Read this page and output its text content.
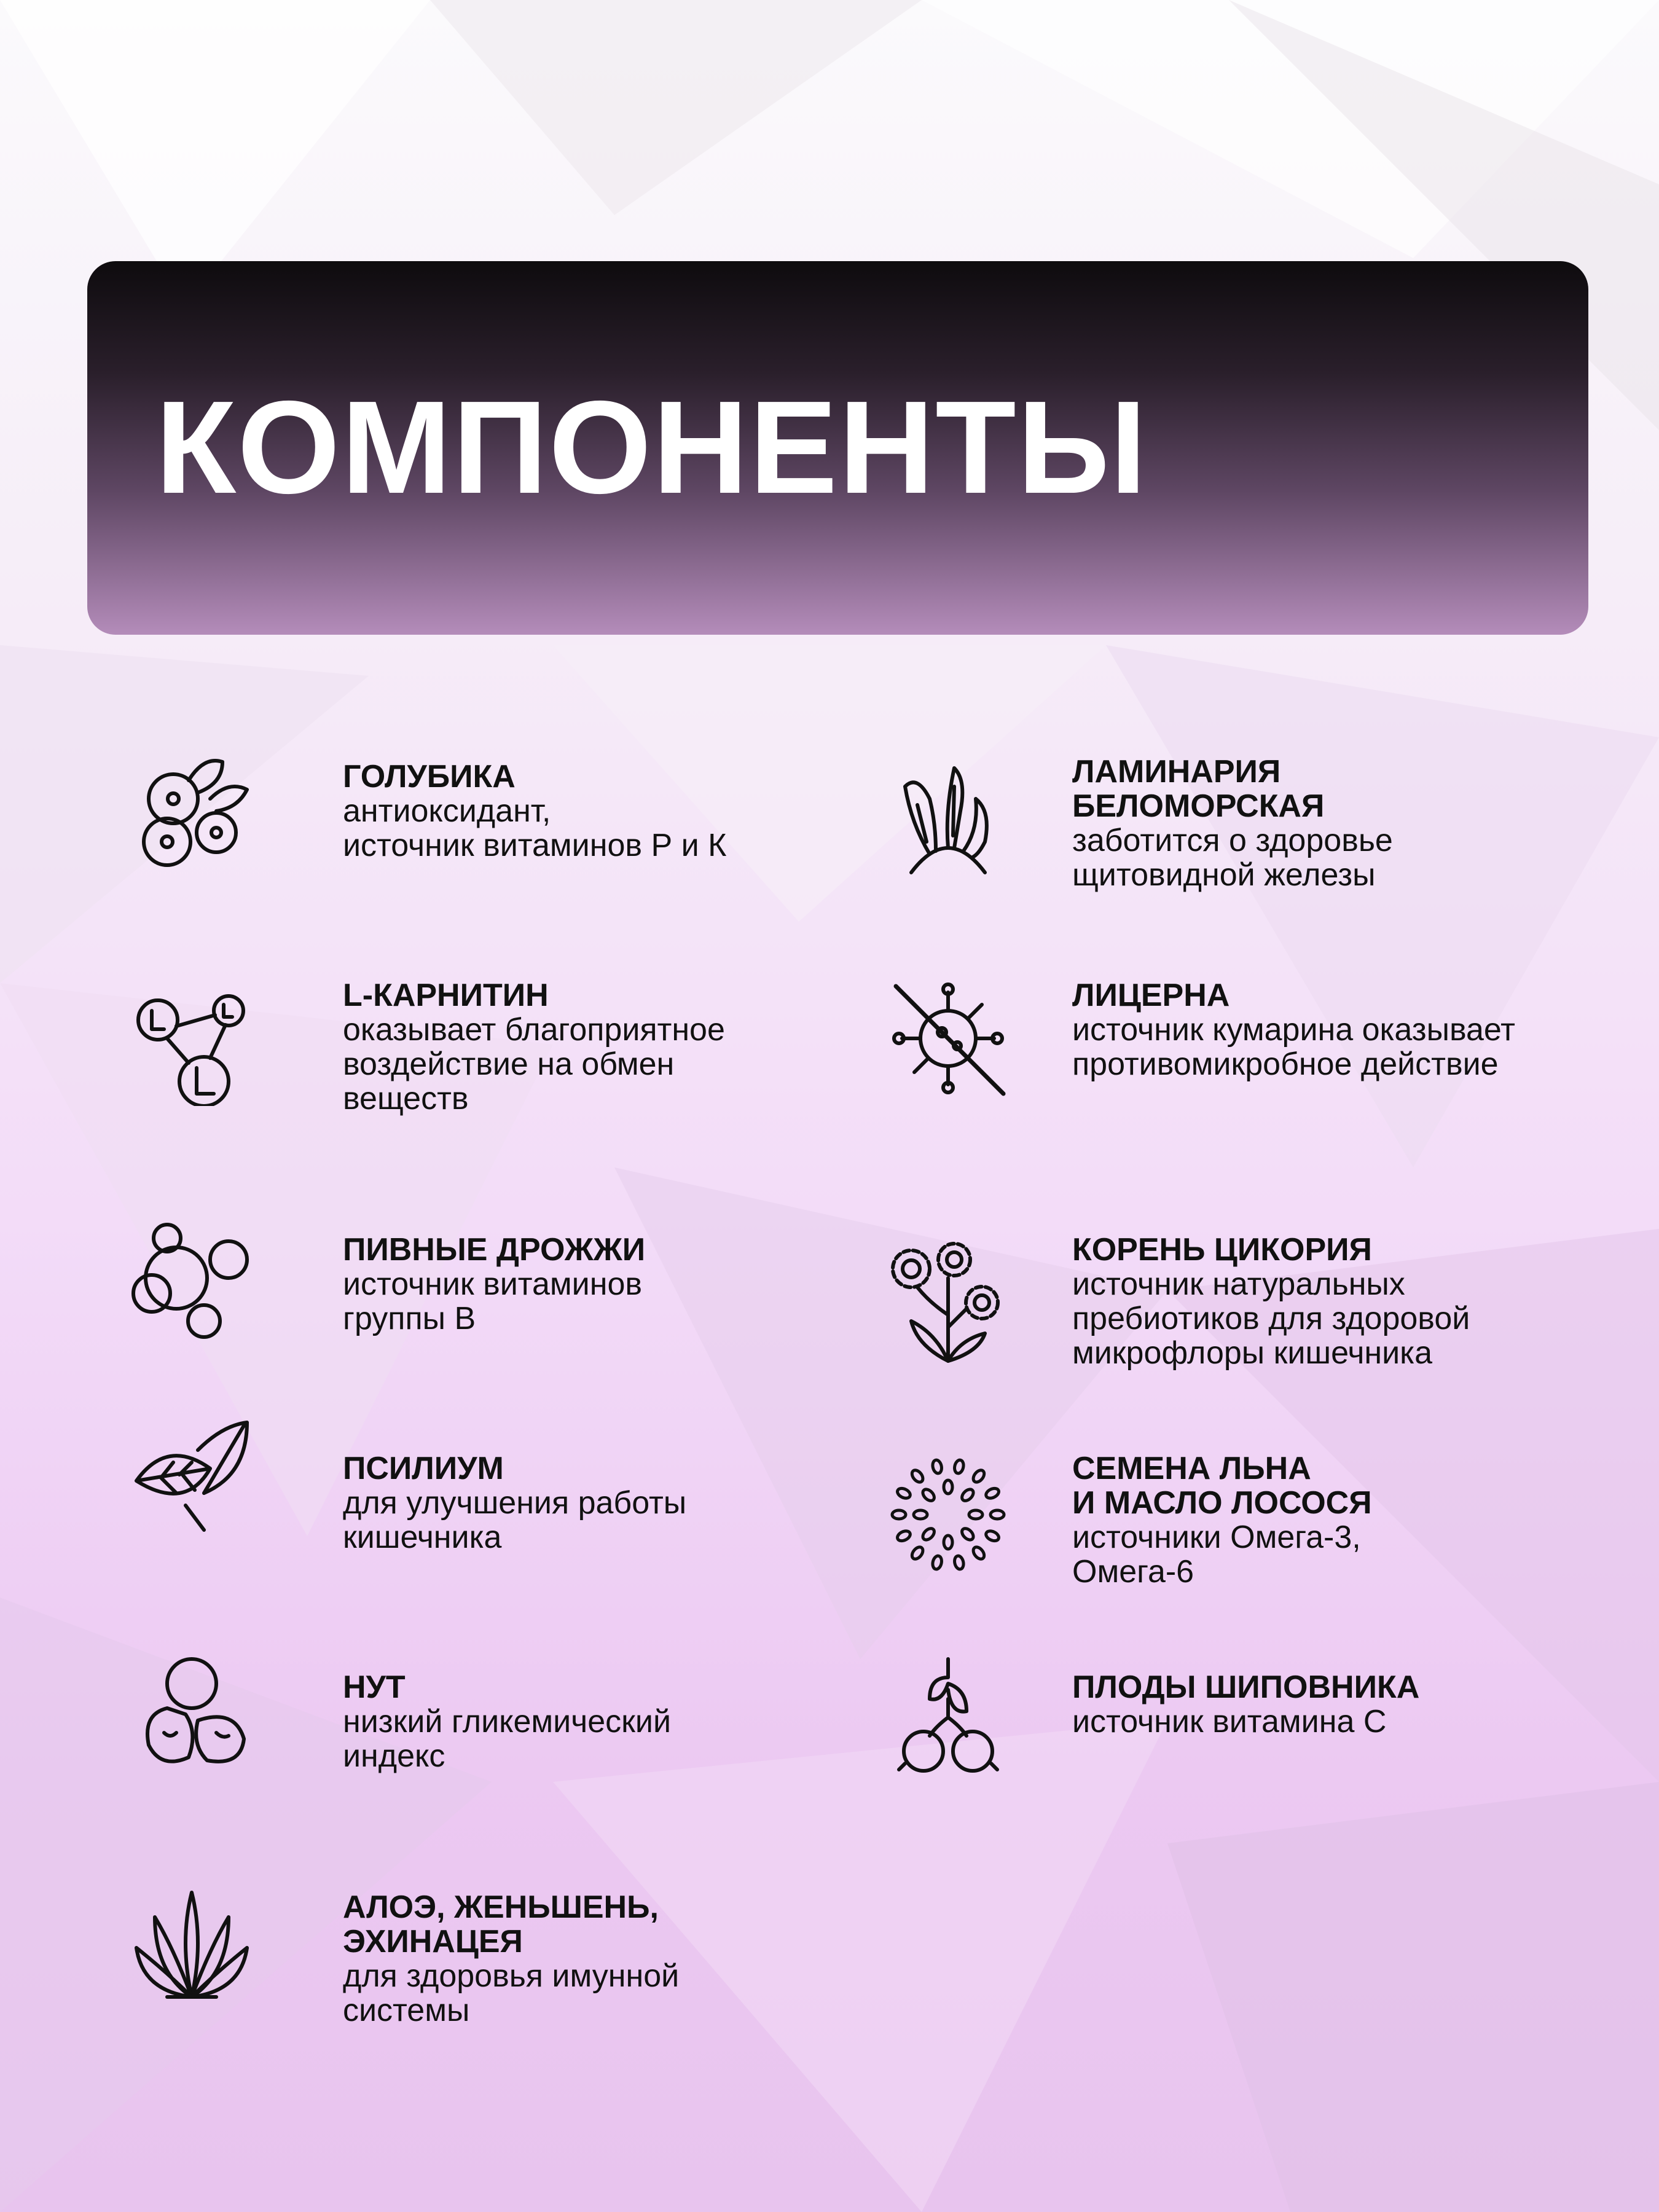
КОМПОНЕНТЫ
ГОЛУБИКА
антиоксидант,
источник витаминов Р и К
L-КАРНИТИН
оказывает благоприятное
воздействие на обмен
веществ
ПИВНЫЕ ДРОЖЖИ
источник витаминов
группы В
ПСИЛИУМ
для улучшения работы
кишечника
НУТ
низкий гликемический
индекс
АЛОЭ, ЖЕНЬШЕНЬ,
ЭХИНАЦЕЯ
для здоровья имунной
системы
ЛАМИНАРИЯ
БЕЛОМОРСКАЯ
заботится о здоровье
щитовидной железы
ЛИЦЕРНА
источник кумарина оказывает
противомикробное действие
КОРЕНЬ ЦИКОРИЯ
источник натуральных
пребиотиков для здоровой
микрофлоры кишечника
СЕМЕНА ЛЬНА
И МАСЛО ЛОСОСЯ
источники Омега-3,
Омега-6
ПЛОДЫ ШИПОВНИКА
источник витамина С
